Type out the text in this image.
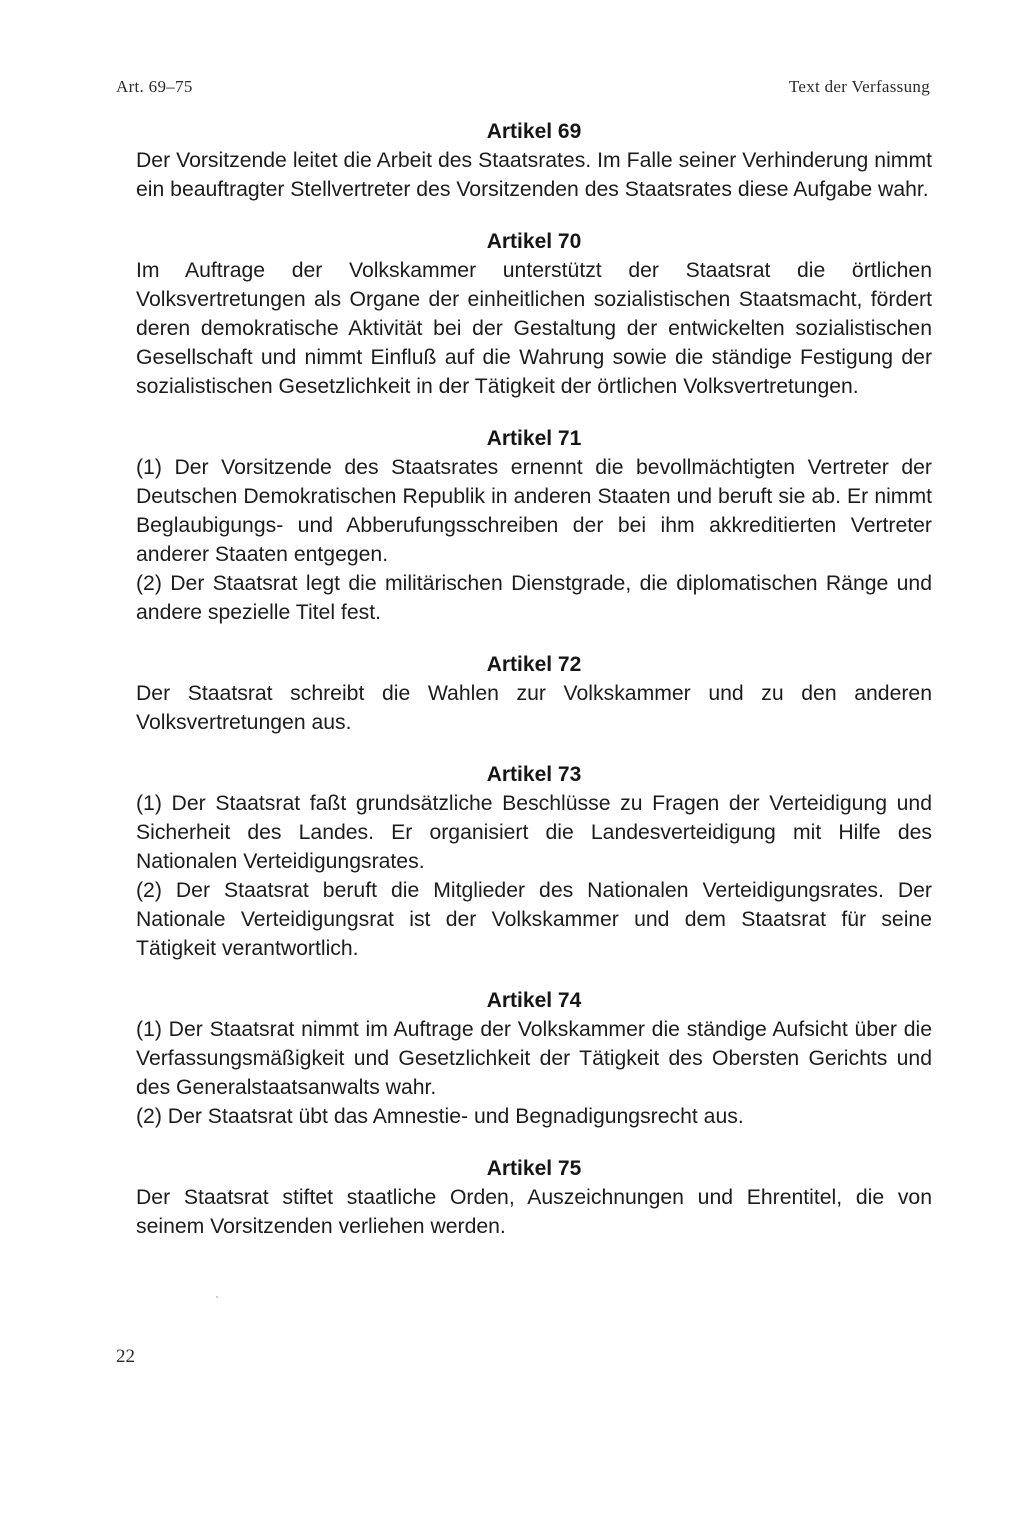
Art. 69–75	Text der Verfassung
Artikel 69

Der Vorsitzende leitet die Arbeit des Staatsrates. Im Falle seiner Verhinderung nimmt ein beauftragter Stellvertreter des Vorsitzenden des Staatsrates diese Aufgabe wahr.

Artikel 70

Im Auftrage der Volkskammer unterstützt der Staatsrat die örtlichen Volksvertretungen als Organe der einheitlichen sozialistischen Staatsmacht, fördert deren demokratische Aktivität bei der Gestaltung der entwickelten sozialistischen Gesellschaft und nimmt Einfluß auf die Wahrung sowie die ständige Festigung der sozialistischen Gesetzlichkeit in der Tätigkeit der örtlichen Volksvertretungen.

Artikel 71

(1) Der Vorsitzende des Staatsrates ernennt die bevollmächtigten Vertreter der Deutschen Demokratischen Republik in anderen Staaten und beruft sie ab. Er nimmt Beglaubigungs- und Abberufungsschreiben der bei ihm akkreditierten Vertreter anderer Staaten entgegen.

(2) Der Staatsrat legt die militärischen Dienstgrade, die diplomatischen Ränge und andere spezielle Titel fest.

Artikel 72

Der Staatsrat schreibt die Wahlen zur Volkskammer und zu den anderen Volksvertretungen aus.

Artikel 73

(1) Der Staatsrat faßt grundsätzliche Beschlüsse zu Fragen der Verteidigung und Sicherheit des Landes. Er organisiert die Landesverteidigung mit Hilfe des Nationalen Verteidigungsrates.

(2) Der Staatsrat beruft die Mitglieder des Nationalen Verteidigungsrates. Der Nationale Verteidigungsrat ist der Volkskammer und dem Staatsrat für seine Tätigkeit verantwortlich.

Artikel 74

(1) Der Staatsrat nimmt im Auftrage der Volkskammer die ständige Aufsicht über die Verfassungsmäßigkeit und Gesetzlichkeit der Tätigkeit des Obersten Gerichts und des Generalstaatsanwalts wahr.

(2) Der Staatsrat übt das Amnestie- und Begnadigungsrecht aus.

Artikel 75

Der Staatsrat stiftet staatliche Orden, Auszeichnungen und Ehrentitel, die von seinem Vorsitzenden verliehen werden.

22
